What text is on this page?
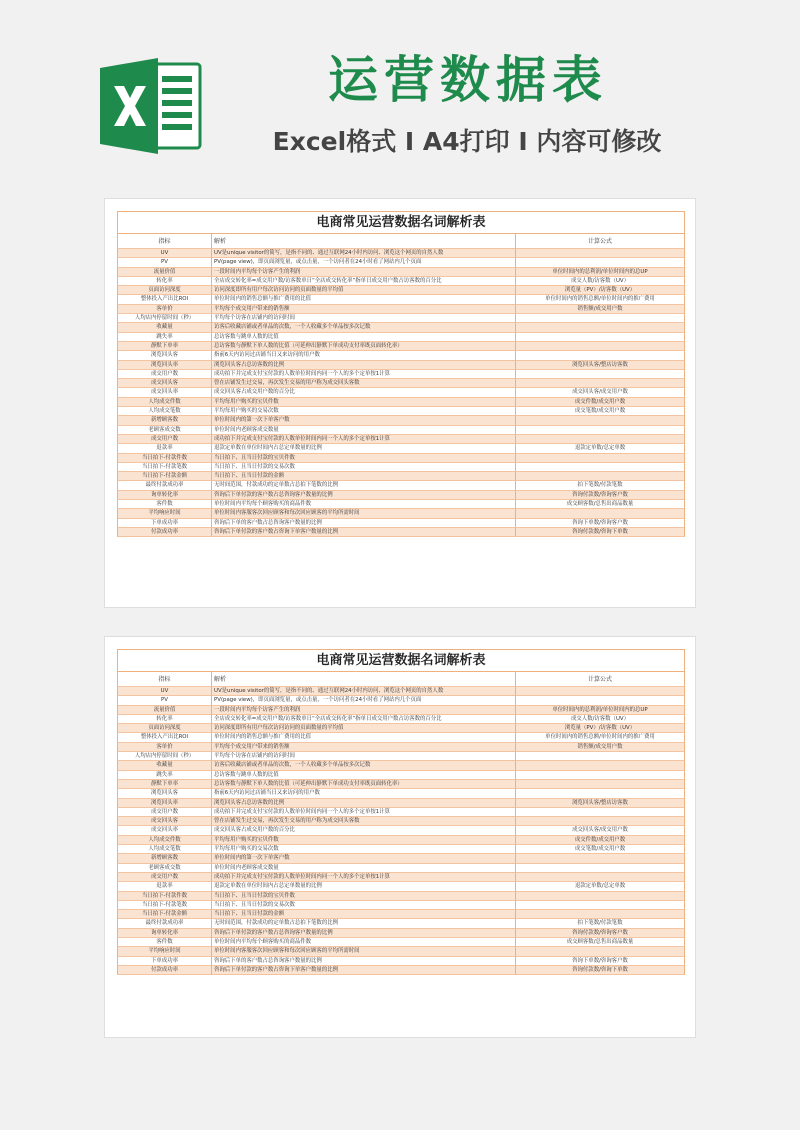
运营数据表
Excel格式 I A4打印 I 内容可修改
电商常见运营数据名词解析表
指标	解析	计算公式
UV	UV是unique visitor的简写，是指不同的、通过互联网24小时内访问、浏览这个网页的自然人数
PV	PV(page view)，即页面浏览量，或点击量，一个访问者在24小时看了网站内几个页面
流量价值	一段时间内平均每个访客产生的利润	单位时间内的总利润/单位时间内的总UP
转化率	全店成交转化率=成交用户数/访客数单日“全店成交转化率”指单日成交用户数占访客数的百分比	成交人数/访客数（UV）
页面访问深度	访问深度即所有用户每次访问访问的页面数量的平均值	浏览量（PV）/访客数（UV）
整体投入产出比ROI	单位时间内的销售总额与推广费用的比值	单位时间内的销售总额/单位时间内的推广费用
客单价	平均每个成交用户带来的销售额	销售额/成交用户数
人均店内停留时间（秒）	平均每个访客在店铺内的访问时间
收藏量	访客后收藏店铺或者单品的次数，一个人收藏多个单品按多次记数
跳失率	总访客数与跳单人数的比值
静默下单率	总访客数与静默下单人数的比值（可延伸出静默下单成功支付率既页面转化率）
浏览回头客	指前6天内访问过店铺当日又来访问的用户数
浏览回头率	浏览回头客占总访客数的比例	浏览回头客/整店访客数
成交用户数	成功拍下并完成支付宝付款的人数单位时间内同一个人的多个定单按1计算
成交回头客	曾在店铺发生过交易，再次发生交易的用户称为成交回头客数
成交回头率	成交回头客占成交用户数的百分比	成交回头客/成交用户数
人均成交件数	平均每用户购买的宝贝件数	成交件数/成交用户数
人均成交笔数	平均每用户购买的交易次数	成交笔数/成交用户数
新增顾客数	单位时间内的第一次下单客户数
老顾客成交数	单位时间内老顾客成交数量
成交用户数	成功拍下并完成支付宝付款的人数单位时间内同一个人的多个定单按1计算
退款率	退款定单数在单位时间内占总定单数量的比例	退款定单数/总定单数
当日拍下-付款件数	当日拍下、且当日付款的宝贝件数
当日拍下-付款笔数	当日拍下、且当日付款的交易次数
当日拍下-付款金额	当日拍下、且当日付款的金额
最终付款成功率	无时间范围，付款成功的定单数占总拍下笔数的比例	拍下笔数/付款笔数
询单转化率	咨询后下单付款的客户数占总咨询客户数量的比例	咨询付款数/咨询客户数
客件数	单位时间内平均每个顾客购买的商品件数	成交顾客数/总售出商品数量
平均响应时间	单位时间内客服客次回应顾客和每次回应顾客的平均所需时间
下单成功率	咨询后下单的客户数占总咨询客户数量的比例	咨询下单数/咨询客户数
付款成功率	咨询后下单付款的客户数占咨询下单客户数量的比例	咨询付款数/咨询下单数
电商常见运营数据名词解析表
指标	解析	计算公式
UV	UV是unique visitor的简写，是指不同的、通过互联网24小时内访问、浏览这个网页的自然人数
PV	PV(page view)，即页面浏览量，或点击量，一个访问者在24小时看了网站内几个页面
流量价值	一段时间内平均每个访客产生的利润	单位时间内的总利润/单位时间内的总UP
转化率	全店成交转化率=成交用户数/访客数单日“全店成交转化率”指单日成交用户数占访客数的百分比	成交人数/访客数（UV）
页面访问深度	访问深度即所有用户每次访问访问的页面数量的平均值	浏览量（PV）/访客数（UV）
整体投入产出比ROI	单位时间内的销售总额与推广费用的比值	单位时间内的销售总额/单位时间内的推广费用
客单价	平均每个成交用户带来的销售额	销售额/成交用户数
人均店内停留时间（秒）	平均每个访客在店铺内的访问时间
收藏量	访客后收藏店铺或者单品的次数，一个人收藏多个单品按多次记数
跳失率	总访客数与跳单人数的比值
静默下单率	总访客数与静默下单人数的比值（可延伸出静默下单成功支付率既页面转化率）
浏览回头客	指前6天内访问过店铺当日又来访问的用户数
浏览回头率	浏览回头客占总访客数的比例	浏览回头客/整店访客数
成交用户数	成功拍下并完成支付宝付款的人数单位时间内同一个人的多个定单按1计算
成交回头客	曾在店铺发生过交易，再次发生交易的用户称为成交回头客数
成交回头率	成交回头客占成交用户数的百分比	成交回头客/成交用户数
人均成交件数	平均每用户购买的宝贝件数	成交件数/成交用户数
人均成交笔数	平均每用户购买的交易次数	成交笔数/成交用户数
新增顾客数	单位时间内的第一次下单客户数
老顾客成交数	单位时间内老顾客成交数量
成交用户数	成功拍下并完成支付宝付款的人数单位时间内同一个人的多个定单按1计算
退款率	退款定单数在单位时间内占总定单数量的比例	退款定单数/总定单数
当日拍下-付款件数	当日拍下、且当日付款的宝贝件数
当日拍下-付款笔数	当日拍下、且当日付款的交易次数
当日拍下-付款金额	当日拍下、且当日付款的金额
最终付款成功率	无时间范围，付款成功的定单数占总拍下笔数的比例	拍下笔数/付款笔数
询单转化率	咨询后下单付款的客户数占总咨询客户数量的比例	咨询付款数/咨询客户数
客件数	单位时间内平均每个顾客购买的商品件数	成交顾客数/总售出商品数量
平均响应时间	单位时间内客服客次回应顾客和每次回应顾客的平均所需时间
下单成功率	咨询后下单的客户数占总咨询客户数量的比例	咨询下单数/咨询客户数
付款成功率	咨询后下单付款的客户数占咨询下单客户数量的比例	咨询付款数/咨询下单数
